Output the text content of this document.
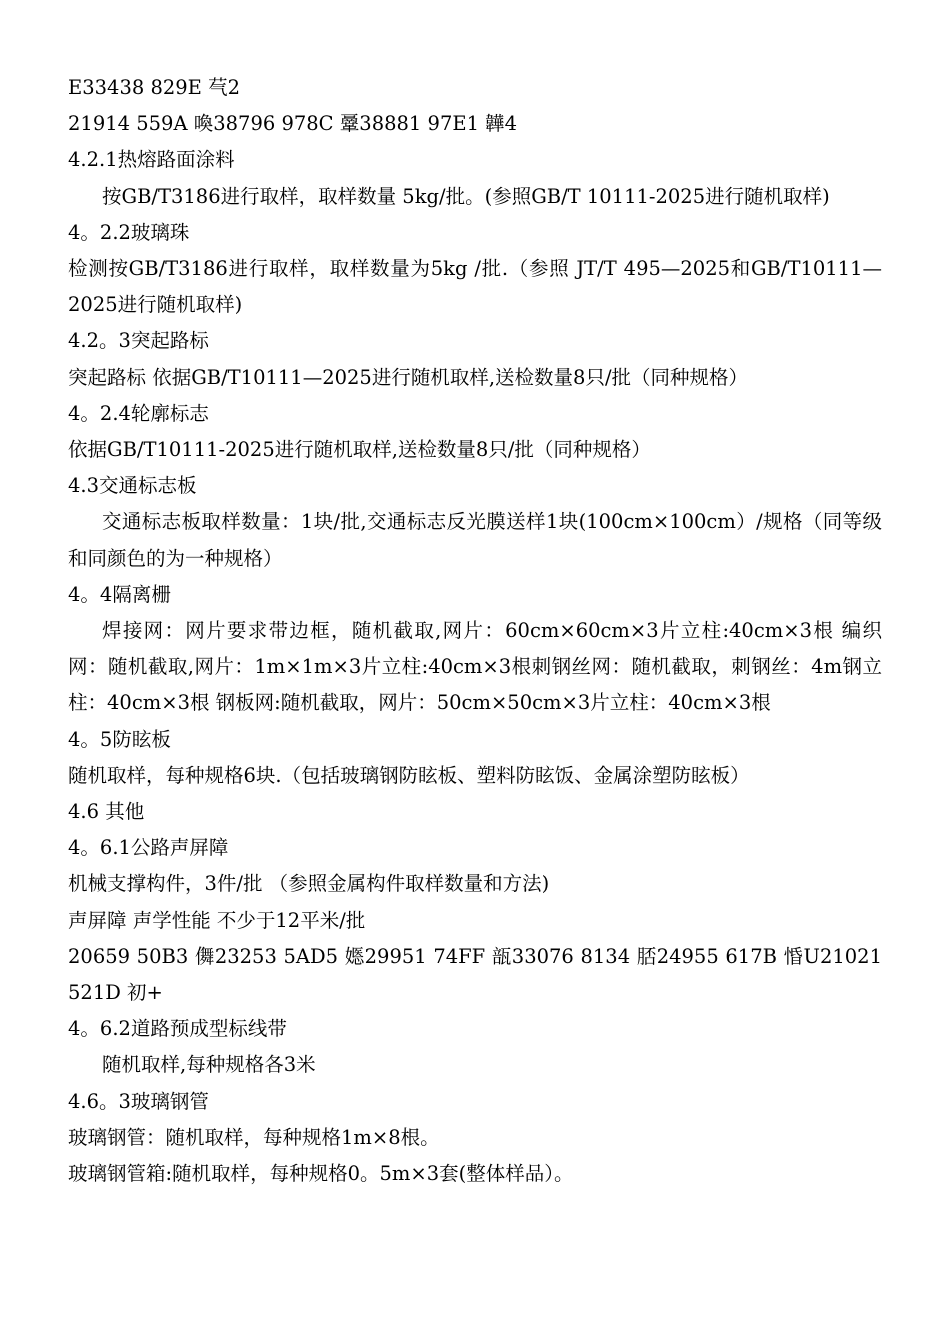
E33438 829E 芞2
21914 559A 喚38796 978C 鞷38881 97E1 韡4
4.2.1热熔路面涂料
按GB/T3186进行取样，取样数量 5kg/批。(参照GB/T 10111-2025进行随机取样)
4。2.2玻璃珠
检测按GB/T3186进行取样，取样数量为5kg /批.（参照 JT/T 495—2025和GB/T10111—2025进行随机取样)
4.2。3突起路标
突起路标 依据GB/T10111—2025进行随机取样,送检数量8只/批（同种规格）
4。2.4轮廓标志
依据GB/T10111-2025进行随机取样,送检数量8只/批（同种规格）
4.3交通标志板
交通标志板取样数量：1块/批,交通标志反光膜送样1块(100cm×100cm）/规格（同等级和同颜色的为一种规格）
4。4隔离栅
焊接网：网片要求带边框，随机截取,网片：60cm×60cm×3片立柱:40cm×3根 编织网：随机截取,网片：1m×1m×3片立柱:40cm×3根刺钢丝网：随机截取，刺钢丝：4m钢立柱：40cm×3根 钢板网:随机截取，网片：50cm×50cm×3片立柱：40cm×3根
4。5防眩板
随机取样，每种规格6块.（包括玻璃钢防眩板、塑料防眩饭、金属涂塑防眩板）
4.6 其他
4。6.1公路声屏障
机械支撑构件，3件/批 （参照金属构件取样数量和方法)
声屏障 声学性能 不少于12平米/批
20659 50B3 儛23253 5AD5 嫕29951 74FF 瓿33076 8134 脴24955 617B 惛U21021 521D 初+
4。6.2道路预成型标线带
随机取样,每种规格各3米
4.6。3玻璃钢管
玻璃钢管：随机取样，每种规格1m×8根。
玻璃钢管箱:随机取样，每种规格0。5m×3套(整体样品）。
